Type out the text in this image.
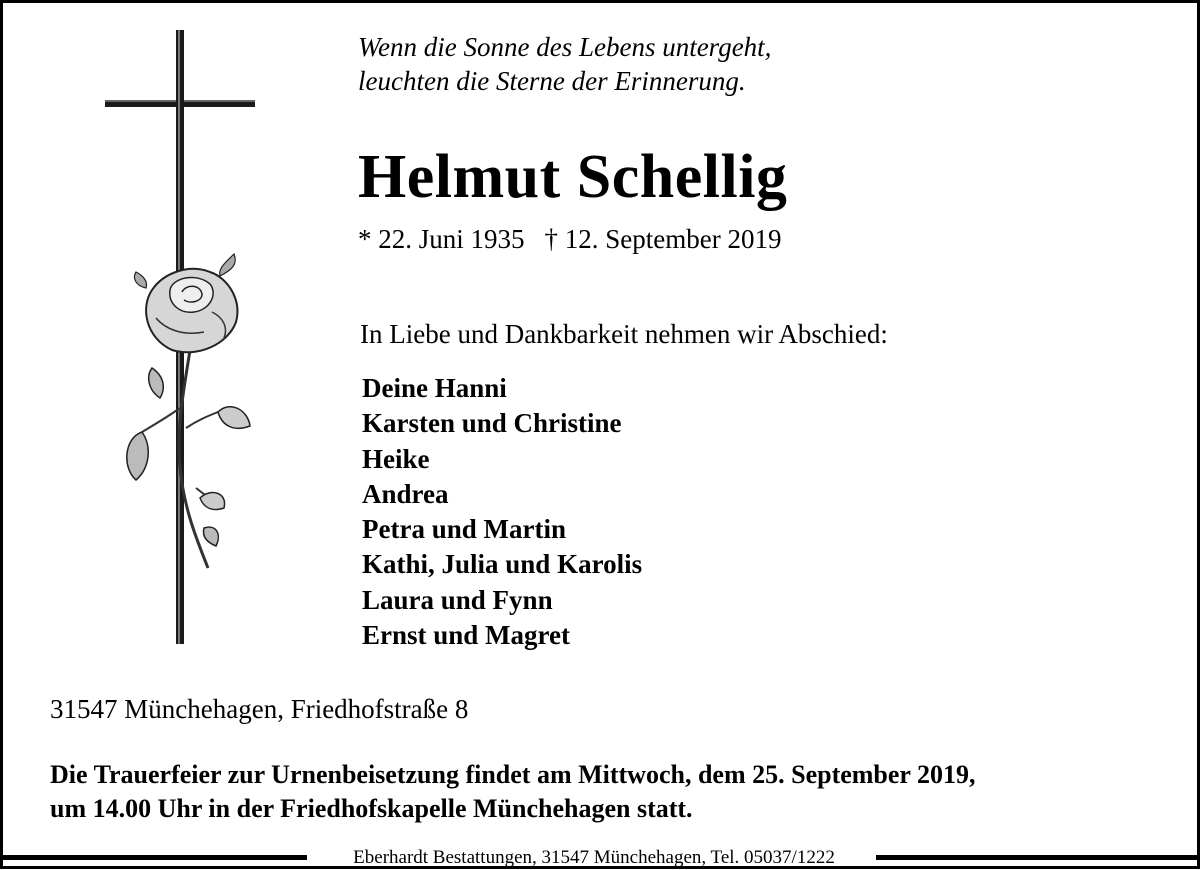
Wenn die Sonne des Lebens untergeht,
leuchten die Sterne der Erinnerung.
Helmut Schellig
* 22. Juni 1935 † 12. September 2019
In Liebe und Dankbarkeit nehmen wir Abschied:
Deine Hanni
Karsten und Christine
Heike
Andrea
Petra und Martin
Kathi, Julia und Karolis
Laura und Fynn
Ernst und Magret
31547 Münchehagen, Friedhofstraße 8
Die Trauerfeier zur Urnenbeisetzung findet am Mittwoch, dem 25. September 2019,
um 14.00 Uhr in der Friedhofskapelle Münchehagen statt.
Eberhardt Bestattungen, 31547 Münchehagen, Tel. 05037/1222
